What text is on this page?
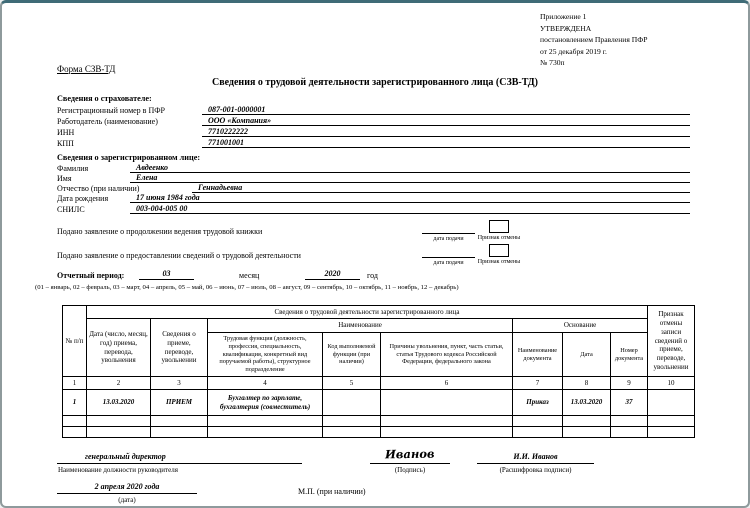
Приложение 1
УТВЕРЖДЕНА
постановлением Правления ПФР
от 25 декабря 2019 г.
№ 730п
Форма СЗВ-ТД
Сведения о трудовой деятельности зарегистрированного лица (СЗВ-ТД)
Сведения о страхователе:
Регистрационный номер в ПФР	087-001-0000001
Работодатель (наименование)	ООО «Компания»
ИНН	7710222222
КПП	771001001
Сведения о зарегистрированном лице:
Фамилия	Авдеенко
Имя	Елена
Отчество (при наличии)	Геннадьевна
Дата рождения	17 июня 1984 года
СНИЛС	003-004-005 00
Подано заявление о продолжении ведения трудовой книжки
дата подачи	Признак отмены
Подано заявление о предоставлении сведений о трудовой деятельности
дата подачи	Признак отмены
Отчетный период:	03	месяц	2020	год
(01 – январь, 02 – февраль, 03 – март, 04 – апрель, 05 – май, 06 – июнь, 07 – июль, 08 – август, 09 – сентябрь, 10 – октябрь, 11 – ноябрь, 12 – декабрь)
№ п/п	Сведения о трудовой деятельности зарегистрированного лица								Признак отмены записи сведений о приеме, переводе, увольнении
	Дата (число, месяц, год) приема, перевода, увольнения	Сведения о приеме, переводе, увольнении	Наименование			Основание			
			Трудовая функция (должность, профессия, специальность, квалификация, конкретный вид поручаемой работы), структурное подразделение	Код выполняемой функции (при наличии)	Причины увольнения, пункт, часть статьи, статья Трудового кодекса Российской Федерации, федерального закона	Наименование документа	Дата	Номер документа	
1	2	3	4	5	6	7	8	9	10
1	13.03.2020	ПРИЕМ	Бухгалтер по зарплате, бухгалтерия (совместитель)			Приказ	13.03.2020	37	

генеральный директор
Наименование должности руководителя
Иванов
(Подпись)
И.И. Иванов
(Расшифровка подписи)
2 апреля 2020 года
(дата)
М.П. (при наличии)
